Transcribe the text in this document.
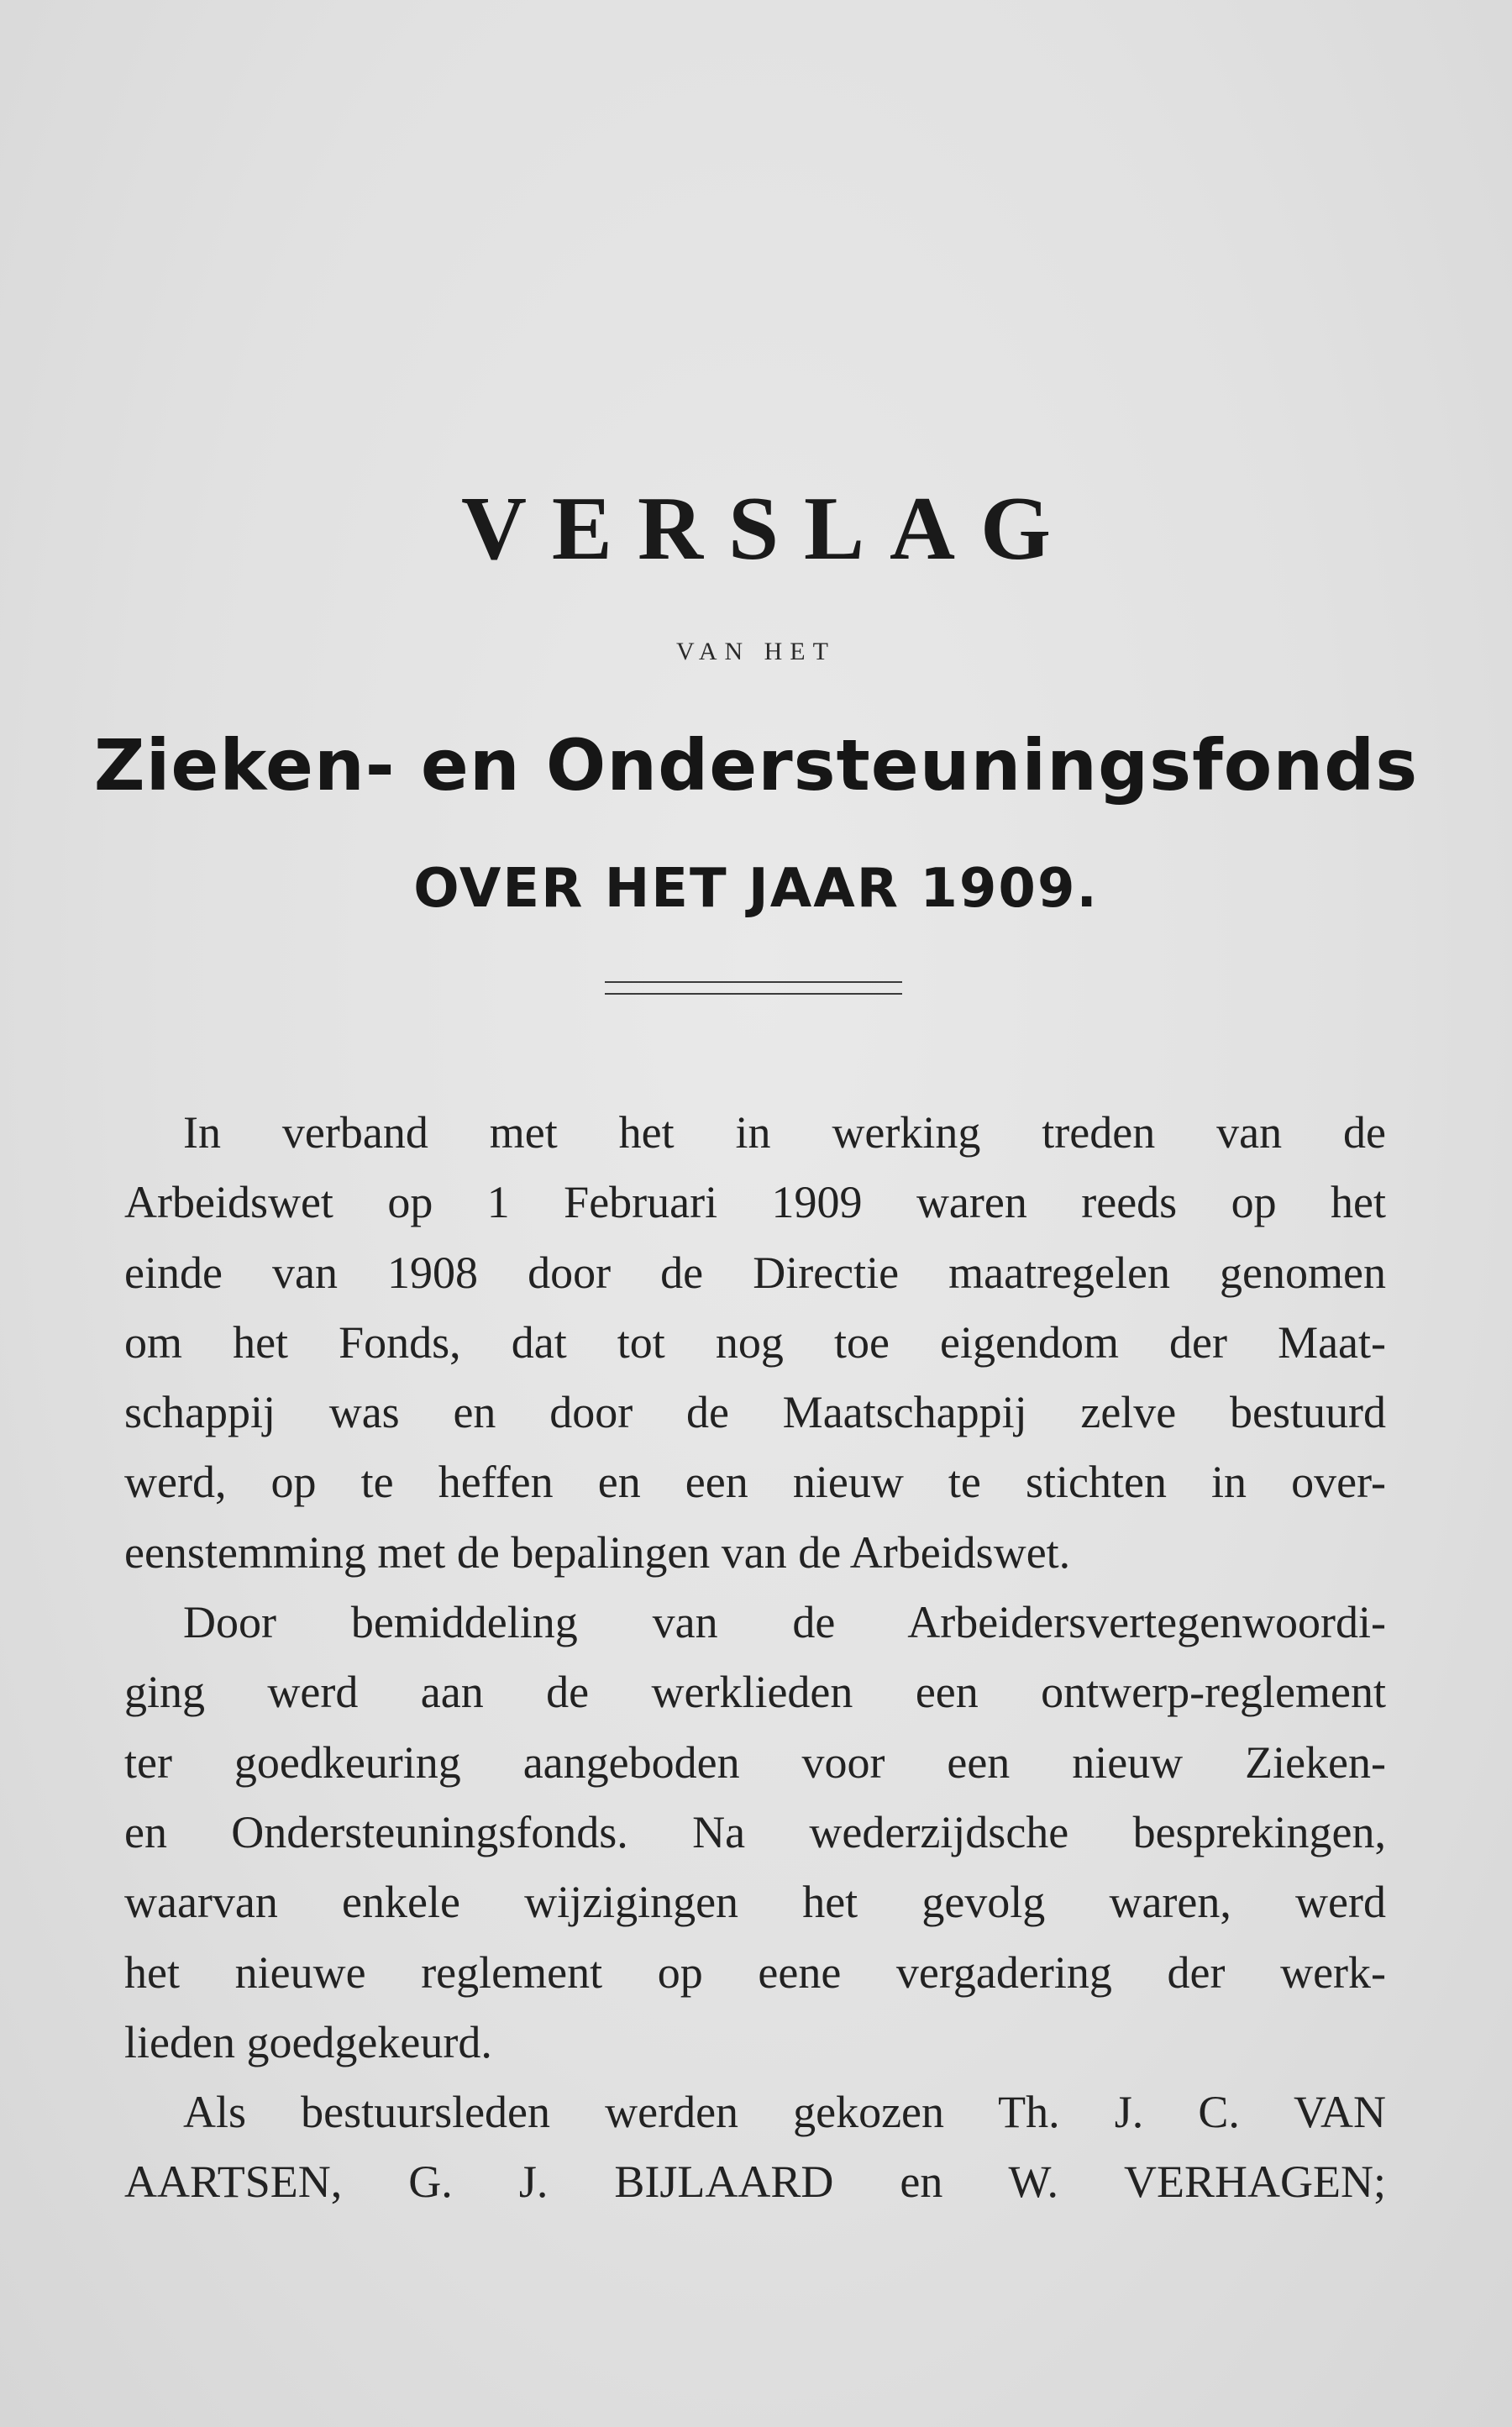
VERSLAG
VAN HET
Zieken- en Ondersteuningsfonds
OVER HET JAAR 1909.
In verband met het in werking treden van de
Arbeidswet op 1 Februari 1909 waren reeds op het
einde van 1908 door de Directie maatregelen genomen
om het Fonds, dat tot nog toe eigendom der Maat-
schappij was en door de Maatschappij zelve bestuurd
werd, op te heffen en een nieuw te stichten in over-
eenstemming met de bepalingen van de Arbeidswet.
Door bemiddeling van de Arbeidersvertegenwoordi-
ging werd aan de werklieden een ontwerp-reglement
ter goedkeuring aangeboden voor een nieuw Zieken-
en Ondersteuningsfonds. Na wederzijdsche besprekingen,
waarvan enkele wijzigingen het gevolg waren, werd
het nieuwe reglement op eene vergadering der werk-
lieden goedgekeurd.
Als bestuursleden werden gekozen Th. J. C. VAN
AARTSEN, G. J. BIJLAARD en W. VERHAGEN;
